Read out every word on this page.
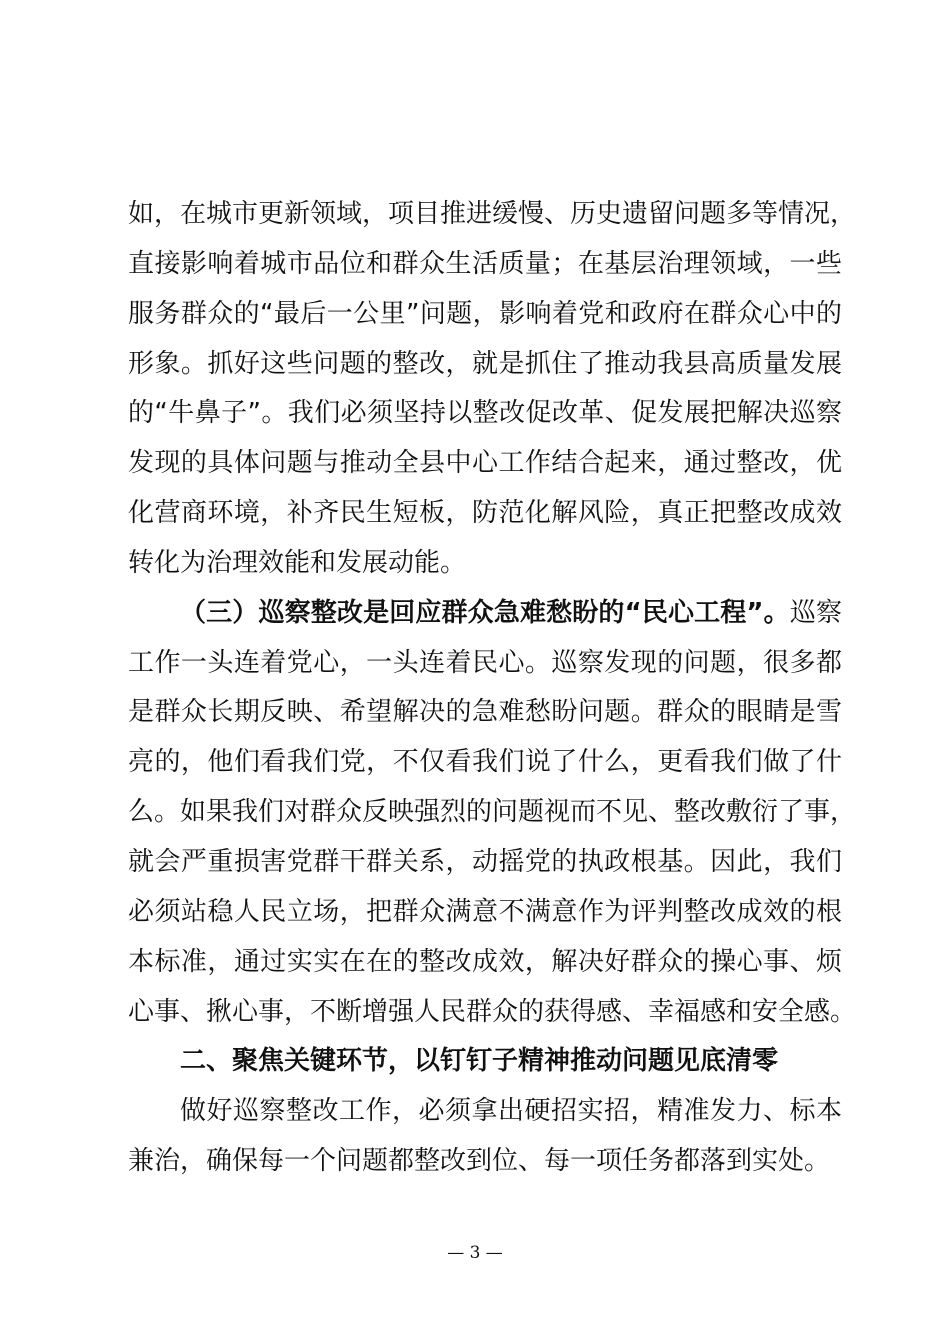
如，在城市更新领域，项目推进缓慢、历史遗留问题多等情况，
直接影响着城市品位和群众生活质量；在基层治理领域，一些
服务群众的“最后一公里”问题，影响着党和政府在群众心中的
形象。抓好这些问题的整改，就是抓住了推动我县高质量发展
的“牛鼻子”。我们必须坚持以整改促改革、促发展把解决巡察
发现的具体问题与推动全县中心工作结合起来，通过整改，优
化营商环境，补齐民生短板，防范化解风险，真正把整改成效
转化为治理效能和发展动能。
（三）巡察整改是回应群众急难愁盼的“民心工程”。巡察
工作一头连着党心，一头连着民心。巡察发现的问题，很多都
是群众长期反映、希望解决的急难愁盼问题。群众的眼睛是雪
亮的，他们看我们党，不仅看我们说了什么，更看我们做了什
么。如果我们对群众反映强烈的问题视而不见、整改敷衍了事，
就会严重损害党群干群关系，动摇党的执政根基。因此，我们
必须站稳人民立场，把群众满意不满意作为评判整改成效的根
本标准，通过实实在在的整改成效，解决好群众的操心事、烦
心事、揪心事，不断增强人民群众的获得感、幸福感和安全感。
二、聚焦关键环节，以钉钉子精神推动问题见底清零
做好巡察整改工作，必须拿出硬招实招，精准发力、标本
兼治，确保每一个问题都整改到位、每一项任务都落到实处。
— 3 —
